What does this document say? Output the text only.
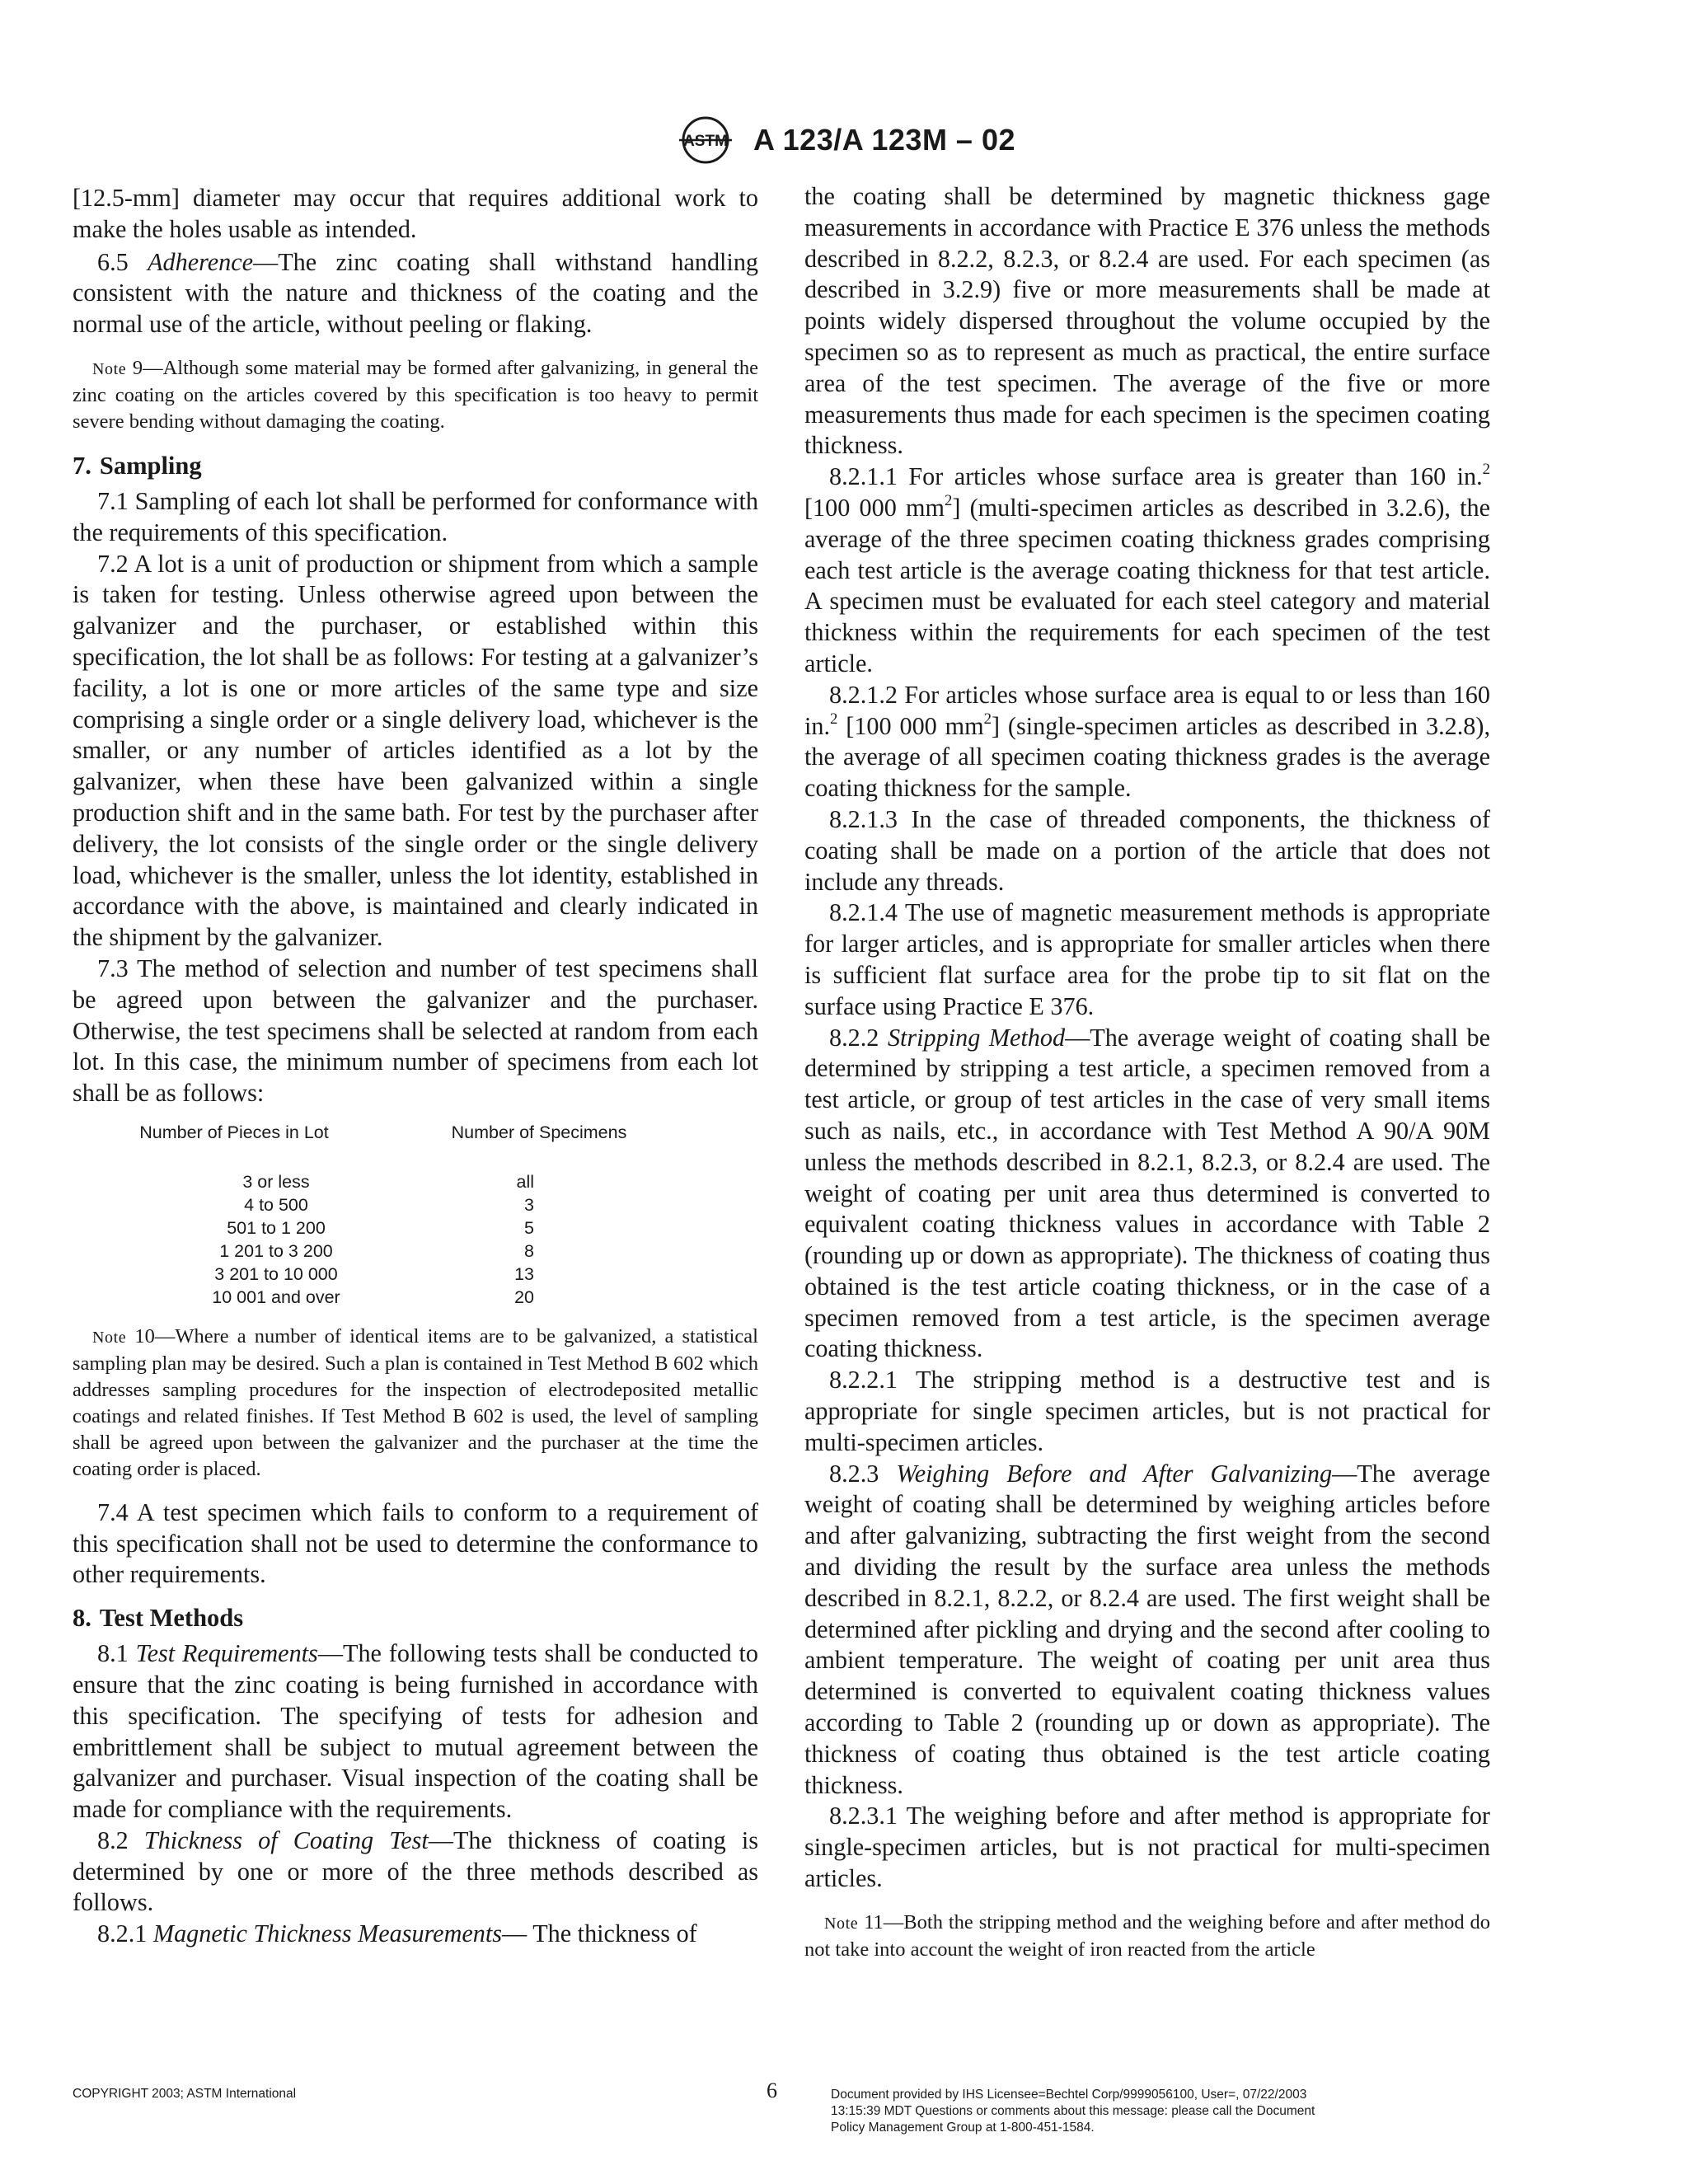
ASTM A 123/A 123M – 02

[12.5-mm] diameter may occur that requires additional work to make the holes usable as intended.

6.5 Adherence—The zinc coating shall withstand handling consistent with the nature and thickness of the coating and the normal use of the article, without peeling or flaking.

Note 9—Although some material may be formed after galvanizing, in general the zinc coating on the articles covered by this specification is too heavy to permit severe bending without damaging the coating.

7. Sampling

7.1 Sampling of each lot shall be performed for conformance with the requirements of this specification.

7.2 A lot is a unit of production or shipment from which a sample is taken for testing. Unless otherwise agreed upon between the galvanizer and the purchaser, or established within this specification, the lot shall be as follows: For testing at a galvanizer’s facility, a lot is one or more articles of the same type and size comprising a single order or a single delivery load, whichever is the smaller, or any number of articles identified as a lot by the galvanizer, when these have been galvanized within a single production shift and in the same bath. For test by the purchaser after delivery, the lot consists of the single order or the single delivery load, whichever is the smaller, unless the lot identity, established in accordance with the above, is maintained and clearly indicated in the shipment by the galvanizer.

7.3 The method of selection and number of test specimens shall be agreed upon between the galvanizer and the purchaser. Otherwise, the test specimens shall be selected at random from each lot. In this case, the minimum number of specimens from each lot shall be as follows:

Number of Pieces in Lot	Number of Specimens
3 or less	all
4 to 500	3
501 to 1 200	5
1 201 to 3 200	8
3 201 to 10 000	13
10 001 and over	20

Note 10—Where a number of identical items are to be galvanized, a statistical sampling plan may be desired. Such a plan is contained in Test Method B 602 which addresses sampling procedures for the inspection of electrodeposited metallic coatings and related finishes. If Test Method B 602 is used, the level of sampling shall be agreed upon between the galvanizer and the purchaser at the time the coating order is placed.

7.4 A test specimen which fails to conform to a requirement of this specification shall not be used to determine the conformance to other requirements.

8. Test Methods

8.1 Test Requirements—The following tests shall be conducted to ensure that the zinc coating is being furnished in accordance with this specification. The specifying of tests for adhesion and embrittlement shall be subject to mutual agreement between the galvanizer and purchaser. Visual inspection of the coating shall be made for compliance with the requirements.

8.2 Thickness of Coating Test—The thickness of coating is determined by one or more of the three methods described as follows.

8.2.1 Magnetic Thickness Measurements— The thickness of

the coating shall be determined by magnetic thickness gage measurements in accordance with Practice E 376 unless the methods described in 8.2.2, 8.2.3, or 8.2.4 are used. For each specimen (as described in 3.2.9) five or more measurements shall be made at points widely dispersed throughout the volume occupied by the specimen so as to represent as much as practical, the entire surface area of the test specimen. The average of the five or more measurements thus made for each specimen is the specimen coating thickness.

8.2.1.1 For articles whose surface area is greater than 160 in.$^2$ [100 000 $mm^2$] (multi-specimen articles as described in 3.2.6), the average of the three specimen coating thickness grades comprising each test article is the average coating thickness for that test article. A specimen must be evaluated for each steel category and material thickness within the requirements for each specimen of the test article.

8.2.1.2 For articles whose surface area is equal to or less than 160 in.$^2$ [100 000 $mm^2$] (single-specimen articles as described in 3.2.8), the average of all specimen coating thickness grades is the average coating thickness for the sample.

8.2.1.3 In the case of threaded components, the thickness of coating shall be made on a portion of the article that does not include any threads.

8.2.1.4 The use of magnetic measurement methods is appropriate for larger articles, and is appropriate for smaller articles when there is sufficient flat surface area for the probe tip to sit flat on the surface using Practice E 376.

8.2.2 Stripping Method—The average weight of coating shall be determined by stripping a test article, a specimen removed from a test article, or group of test articles in the case of very small items such as nails, etc., in accordance with Test Method A 90/A 90M unless the methods described in 8.2.1, 8.2.3, or 8.2.4 are used. The weight of coating per unit area thus determined is converted to equivalent coating thickness values in accordance with Table 2 (rounding up or down as appropriate). The thickness of coating thus obtained is the test article coating thickness, or in the case of a specimen removed from a test article, is the specimen average coating thickness.

8.2.2.1 The stripping method is a destructive test and is appropriate for single specimen articles, but is not practical for multi-specimen articles.

8.2.3 Weighing Before and After Galvanizing—The average weight of coating shall be determined by weighing articles before and after galvanizing, subtracting the first weight from the second and dividing the result by the surface area unless the methods described in 8.2.1, 8.2.2, or 8.2.4 are used. The first weight shall be determined after pickling and drying and the second after cooling to ambient temperature. The weight of coating per unit area thus determined is converted to equivalent coating thickness values according to Table 2 (rounding up or down as appropriate). The thickness of coating thus obtained is the test article coating thickness.

8.2.3.1 The weighing before and after method is appropriate for single-specimen articles, but is not practical for multi-specimen articles.

Note 11—Both the stripping method and the weighing before and after method do not take into account the weight of iron reacted from the article

COPYRIGHT 2003; ASTM International	6	Document provided by IHS Licensee=Bechtel Corp/9999056100, User=, 07/22/2003
13:15:39 MDT Questions or comments about this message: please call the Document
Policy Management Group at 1-800-451-1584.
